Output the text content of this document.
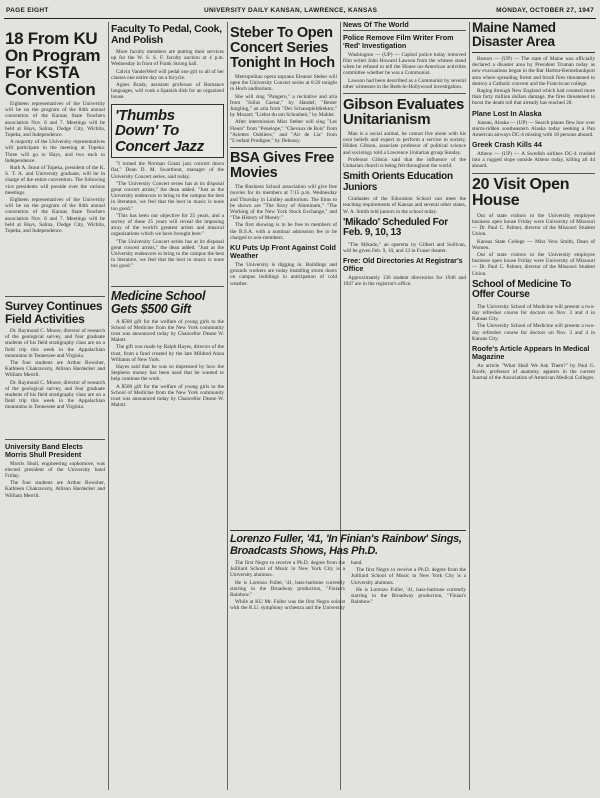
PAGE EIGHT	UNIVERSITY DAILY KANSAN, LAWRENCE, KANSAS	MONDAY, OCTOBER 27, 1947
18 From KU On Program For KSTA Convention

Eighteen representatives of the University will be on the program of the 84th annual convention of the Kansas State Teachers association Nov. 6 and 7. Meetings will be held at Hays, Salina, Dodge City, Wichita, Topeka, and Independence.

A majority of the University representatives will participate in the meeting at Topeka. Three will go to Hays, and two each to Independence.

Ruth A. Stout of Topeka, president of the K. S. T. A. and University graduate, will be in charge of the entire convention. The following vice presidents will preside over the various meetings.

Eighteen representatives of the University will be on the program of the 84th annual convention of the Kansas State Teachers association Nov. 6 and 7. Meetings will be held at Hays, Salina, Dodge City, Wichita, Topeka, and Independence.

Survey Continues Field Activities

Dr. Raymond C. Moore, director of research of the geological survey, and four graduate students of his field stratigraphy class are on a field trip this week in the Appalachian mountains in Tennessee and Virginia.

The four students are Arthur Bowsher, Kathleen Chakravarty, Allison Hardecker and William Merrill.

Dr. Raymond C. Moore, director of research of the geological survey, and four graduate students of his field stratigraphy class are on a field trip this week in the Appalachian mountains in Tennessee and Virginia.

University Band Elects Morris Shull President

Morris Shull, engineering sophomore, was elected president of the University band Friday.

The four students are Arthur Bowsher, Kathleen Chakravarty, Allison Hardecker and William Merrill.

Faculty To Pedal, Cook, And Polish

More faculty members are putting their services up for the W. S. S. F. faculty auction at 4 p.m. Wednesday in front of Frank Strong hall.

Calvin VanderWerf will pedal one girl to all of her classes one entire day on a bicycle.

Agnes Brady, assistant professor of Romance languages, will cook a Spanish dish for an organized house.

'Thumbs Down' To Concert Jazz

"I turned the Norman Granz jazz concert down flat," Dean D. M. Swarthout, manager of the University Concert series, said today.

"The University Concert series has at its disposal great concert artists," the dean added. "Just as the University endeavors to bring to the campus the best in literature, we feel that the best in music is none too good."

"This has been our objective for 25 years, and a survey of these 25 years will reveal the imposing array of the world's greatest artists and musical organizations which we have brought here."

"The University Concert series has at its disposal great concert artists," the dean added. "Just as the University endeavors to bring to the campus the best in literature, we feel that the best in music is none too good."

Medicine School Gets $500 Gift

A $500 gift for the welfare of young girls to the School of Medicine from the New York community trust was announced today by Chancellor Deane W. Malott.

The gift was made by Ralph Hayes, director of the trust, from a fund created by the late Mildred Anna Williams of New York.

Hayes said that he was so impressed by how the Stephens money has been used that he wanted to help continue the work.

A $500 gift for the welfare of young girls to the School of Medicine from the New York community trust was announced today by Chancellor Deane W. Malott.

Steber To Open Concert Series Tonight In Hoch

Metropolitan opera soprano Eleanor Steber will open the University Concert series at 8:20 tonight in Hoch auditorium.

She will sing "Pangero," a recitative and aria from "Julius Caesar," by Handel; "Bester Jungling," an aria from "Der Schauspieldirektor," by Mozart; "Liebst du um Schonheit," by Mahler.

After intermission Miss Steber will sing "Les Fleurs" from "Penelope," "Chevaux de Bois" from "Ariettes Oubliees," and "Air de Lia" from "L'enfant Prodigue," by Debussy.

BSA Gives Free Movies

The Business School association will give free movies for its members at 7:15 p.m. Wednesday and Thursday in Lindley auditorium. The films to be shown are "The Story of Aluminum," "The Working of the New York Stock Exchange," and "The History of Money."

The first showing is to be free to members of the B.S.A. with a nominal admission fee to be charged to non-members.

KU Puts Up Front Against Cold Weather

The University is digging in. Buildings and grounds workers are today installing storm doors on campus buildings in anticipation of cold weather.

News Of The World
Police Remove Film Writer From 'Red' Investigation

Washington — (UP) — Capitol police today removed film writer John Howard Lawson from the witness stand when he refused to tell the House un-American activities committee whether he was a Communist.

Lawson had been described as a Communist by several other witnesses in the Reds-in-Hollywood investigation.

Gibson Evaluates Unitarianism

Man is a social animal, he cannot live alone with his own beliefs and expect to perform a service to society, Hilden Gibson, associate professor of political science and sociology told a Lawrence Unitarian group Sunday.

Professor Gibson said that the influence of the Unitarian church is being felt throughout the world.

Smith Orients Education Juniors

Graduates of the Education School can meet the teaching requirements of Kansas and several other states, W. A. Smith told juniors in the school today.

'Mikado' Scheduled For Feb. 9, 10, 13

"The Mikado," an operetta by Gilbert and Sullivan, will be given Feb. 9, 10, and 13 in Fraser theater.

Free: Old Directories At Registrar's Office

Approximately 130 student directories for 1946 and 1947 are in the registrar's office.

Lorenzo Fuller, '41, 'In Finian's Rainbow' Sings, Broadcasts Shows, Has Ph.D.

The first Negro to receive a Ph.D. degree from the Juilliard School of Music in New York City is a University alumnus.

He is Lorenzo Fuller, '41, bass-baritone currently starring in the Broadway production, "Finian's Rainbow."

While at KU Mr. Fuller was the first Negro soloist with the K.U. symphony orchestra and the University band.

The first Negro to receive a Ph.D. degree from the Juilliard School of Music in New York City is a University alumnus.

He is Lorenzo Fuller, '41, bass-baritone currently starring in the Broadway production, "Finian's Rainbow."

Maine Named Disaster Area

Boston — (UP) — The state of Maine was officially declared a disaster area by President Truman today as new evacuations began in the Bar Harbor-Kennebunkport area where spreading forest and brush fires threatened to destroy a Catholic convent and the Franciscan college.

Raging through New England which had counted more than forty million dollars damage, the fires threatened to boost the death toll that already has reached 20.

Plane Lost In Alaska

Juneau, Alaska — (UP) — Search planes flew low over storm-ridden southeastern Alaska today seeking a Pan American airways DC-4 missing with 18 persons aboard.

Greek Crash Kills 44

Athens — (UP) — A Swedish airlines DC-4 crashed into a rugged slope outside Athens today, killing all 44 aboard.

20 Visit Open House

Out of state visitors to the University employee business open house Friday were University of Missouri — Dr. Paul C. Palmer, director of the Missouri Student Union.

Kansas State College — Miss Vera Smith, Dean of Women.

Out of state visitors to the University employee business open house Friday were University of Missouri — Dr. Paul C. Palmer, director of the Missouri Student Union.

School of Medicine To Offer Course

The University School of Medicine will present a two-day refresher course for doctors on Nov. 3 and 4 in Kansas City.

The University School of Medicine will present a two-day refresher course for doctors on Nov. 3 and 4 in Kansas City.

Roofe's Article Appears In Medical Magazine

An article "What Shall We Ask Them?" by Paul G. Roofe, professor of anatomy, appears in the current Journal of the Association of American Medical Colleges.
